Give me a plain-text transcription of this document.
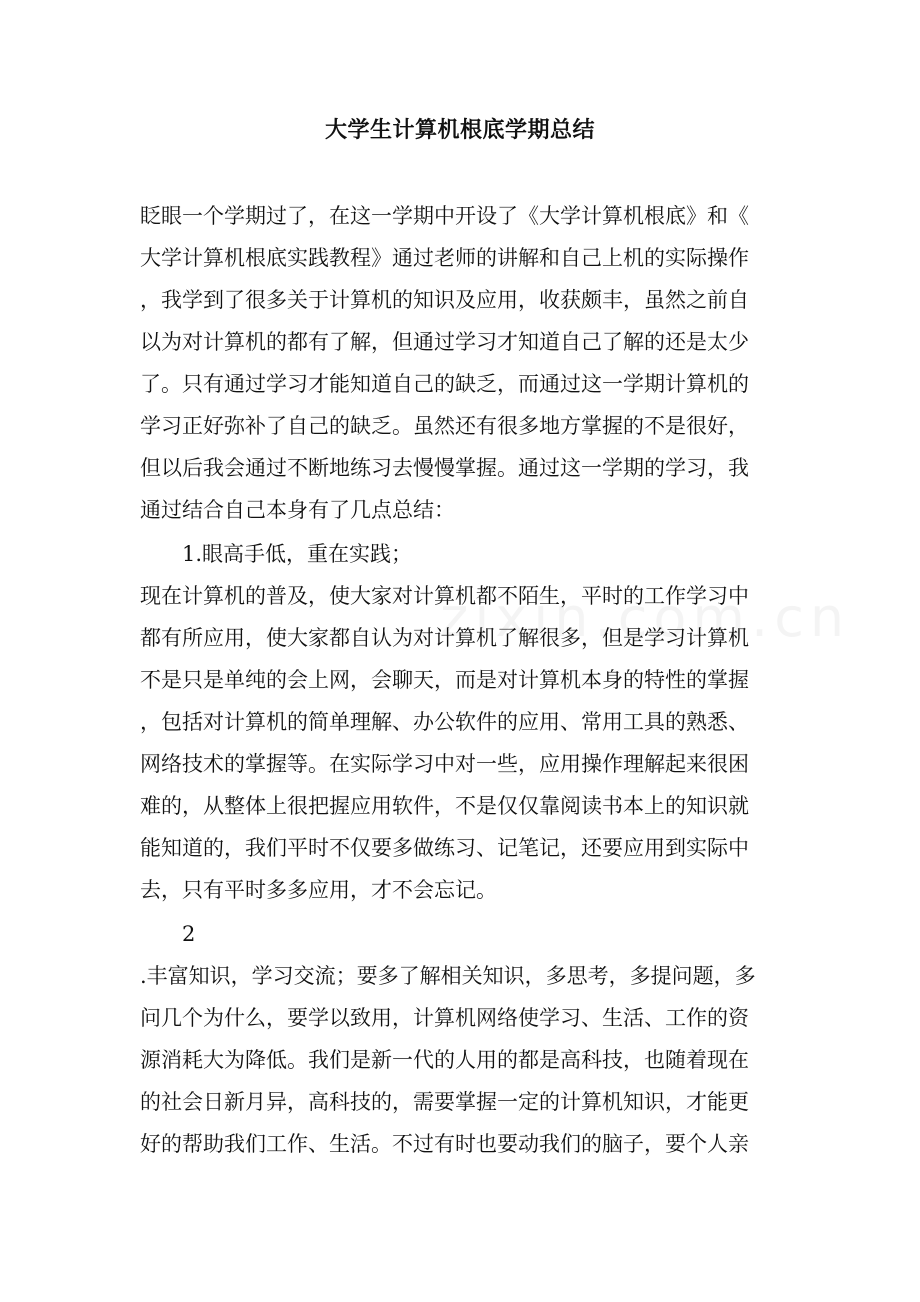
大学生计算机根底学期总结
眨眼一个学期过了，在这一学期中开设了《大学计算机根底》和《
大学计算机根底实践教程》通过老师的讲解和自己上机的实际操作
，我学到了很多关于计算机的知识及应用，收获颇丰，虽然之前自
以为对计算机的都有了解，但通过学习才知道自己了解的还是太少
了。只有通过学习才能知道自己的缺乏，而通过这一学期计算机的
学习正好弥补了自己的缺乏。虽然还有很多地方掌握的不是很好，
但以后我会通过不断地练习去慢慢掌握。通过这一学期的学习，我
通过结合自己本身有了几点总结：
1.眼高手低，重在实践；
现在计算机的普及，使大家对计算机都不陌生，平时的工作学习中
都有所应用，使大家都自认为对计算机了解很多，但是学习计算机
不是只是单纯的会上网，会聊天，而是对计算机本身的特性的掌握
，包括对计算机的简单理解、办公软件的应用、常用工具的熟悉、
网络技术的掌握等。在实际学习中对一些，应用操作理解起来很困
难的，从整体上很把握应用软件，不是仅仅靠阅读书本上的知识就
能知道的，我们平时不仅要多做练习、记笔记，还要应用到实际中
去，只有平时多多应用，才不会忘记。
2
.丰富知识，学习交流；要多了解相关知识，多思考，多提问题，多
问几个为什么，要学以致用，计算机网络使学习、生活、工作的资
源消耗大为降低。我们是新一代的人用的都是高科技，也随着现在
的社会日新月异，高科技的，需要掌握一定的计算机知识，才能更
好的帮助我们工作、生活。不过有时也要动我们的脑子，要个人亲
